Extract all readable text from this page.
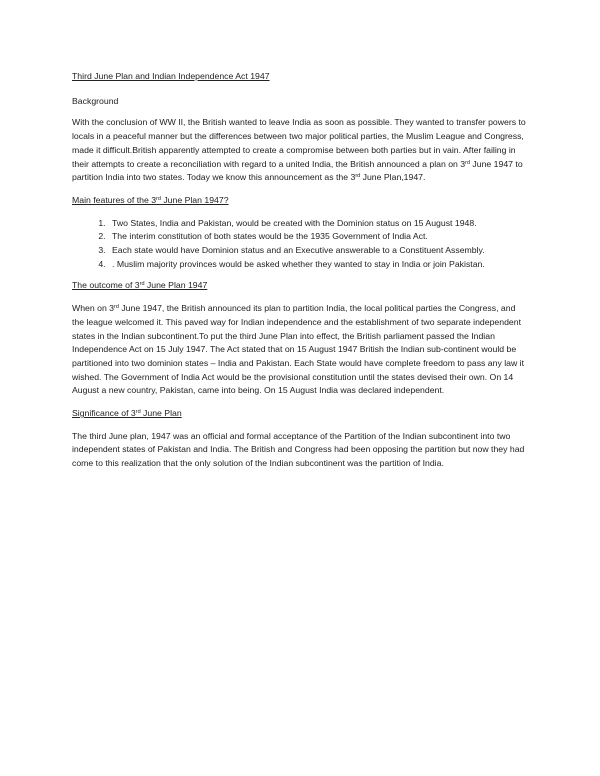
Third June Plan and Indian Independence Act 1947

Background

With the conclusion of WW II, the British wanted to leave India as soon as possible. They wanted to transfer powers to locals in a peaceful manner but the differences between two major political parties, the Muslim League and Congress, made it difficult.British apparently attempted to create a compromise between both parties but in vain. After failing in their attempts to create a reconciliation with regard to a united India, the British announced a plan on 3rd June 1947 to partition India into two states. Today we know this announcement as the 3rd June Plan,1947.

Main features of the 3rd June Plan 1947?
1. Two States, India and Pakistan, would be created with the Dominion status on 15 August 1948.
2. The interim constitution of both states would be the 1935 Government of India Act.
3. Each state would have Dominion status and an Executive answerable to a Constituent Assembly.
4. . Muslim majority provinces would be asked whether they wanted to stay in India or join Pakistan.
The outcome of 3rd June Plan 1947

When on 3rd June 1947, the British announced its plan to partition India, the local political parties the Congress, and the league welcomed it. This paved way for Indian independence and the establishment of two separate independent states in the Indian subcontinent.To put the third June Plan into effect, the British parliament passed the Indian Independence Act on 15 July 1947. The Act stated that on 15 August 1947 British the Indian sub-continent would be partitioned into two dominion states – India and Pakistan. Each State would have complete freedom to pass any law it wished. The Government of India Act would be the provisional constitution until the states devised their own. On 14 August a new country, Pakistan, came into being. On 15 August India was declared independent.

Significance of 3rd June Plan

The third June plan, 1947 was an official and formal acceptance of the Partition of the Indian subcontinent into two independent states of Pakistan and India. The British and Congress had been opposing the partition but now they had come to this realization that the only solution of the Indian subcontinent was the partition of India.
